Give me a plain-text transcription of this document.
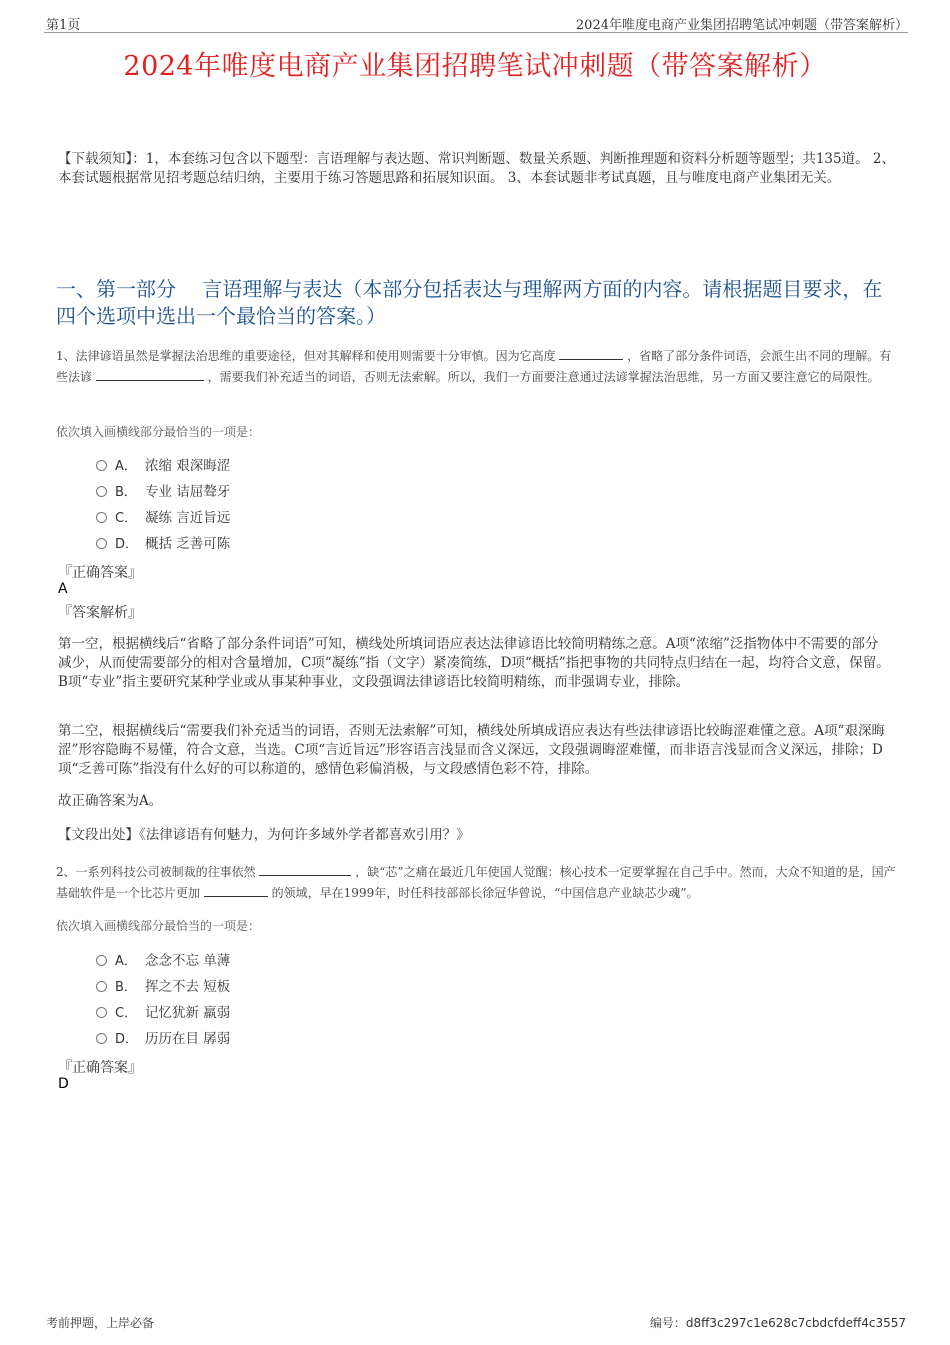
第1页	2024年唯度电商产业集团招聘笔试冲刺题（带答案解析）
2024年唯度电商产业集团招聘笔试冲刺题（带答案解析）
【下载须知】：1，本套练习包含以下题型：言语理解与表达题、常识判断题、数量关系题、判断推理题和资料分析题等题型；共135道。 2、本套试题根据常见招考题总结归纳，主要用于练习答题思路和拓展知识面。 3、本套试题非考试真题，且与唯度电商产业集团无关。
一、第一部分　 言语理解与表达（本部分包括表达与理解两方面的内容。请根据题目要求，在四个选项中选出一个最恰当的答案。）
1、法律谚语虽然是掌握法治思维的重要途径，但对其解释和使用则需要十分审慎。因为它高度	，省略了部分条件词语，会派生出不同的理解。有些法谚	，需要我们补充适当的词语，否则无法索解。所以，我们一方面要注意通过法谚掌握法治思维，另一方面又要注意它的局限性。
依次填入画横线部分最恰当的一项是：
A． 浓缩 艰深晦涩
B． 专业 诘屈聱牙
C． 凝练 言近旨远
D． 概括 乏善可陈
『正确答案』
A
『答案解析』
第一空，根据横线后“省略了部分条件词语”可知，横线处所填词语应表达法律谚语比较简明精练之意。A项“浓缩”泛指物体中不需要的部分减少，从而使需要部分的相对含量增加，C项“凝练”指（文字）紧凑简练，D项“概括”指把事物的共同特点归结在一起，均符合文意，保留。B项“专业”指主要研究某种学业或从事某种事业，文段强调法律谚语比较简明精练，而非强调专业，排除。
第二空，根据横线后“需要我们补充适当的词语，否则无法索解”可知，横线处所填成语应表达有些法律谚语比较晦涩难懂之意。A项“艰深晦涩”形容隐晦不易懂，符合文意，当选。C项“言近旨远”形容语言浅显而含义深远，文段强调晦涩难懂，而非语言浅显而含义深远，排除；D项“乏善可陈”指没有什么好的可以称道的，感情色彩偏消极，与文段感情色彩不符，排除。
故正确答案为A。
【文段出处】《法律谚语有何魅力，为何许多域外学者都喜欢引用？》
2、一系列科技公司被制裁的往事依然	，缺“芯”之痛在最近几年使国人觉醒：核心技术一定要掌握在自己手中。然而，大众不知道的是，国产基础软件是一个比芯片更加	的领域，早在1999年，时任科技部部长徐冠华曾说，“中国信息产业缺芯少魂”。
依次填入画横线部分最恰当的一项是：
A． 念念不忘 单薄
B． 挥之不去 短板
C． 记忆犹新 羸弱
D． 历历在目 孱弱
『正确答案』
D
考前押题，上岸必备	编号：d8ff3c297c1e628c7cbdcfdeff4c3557
